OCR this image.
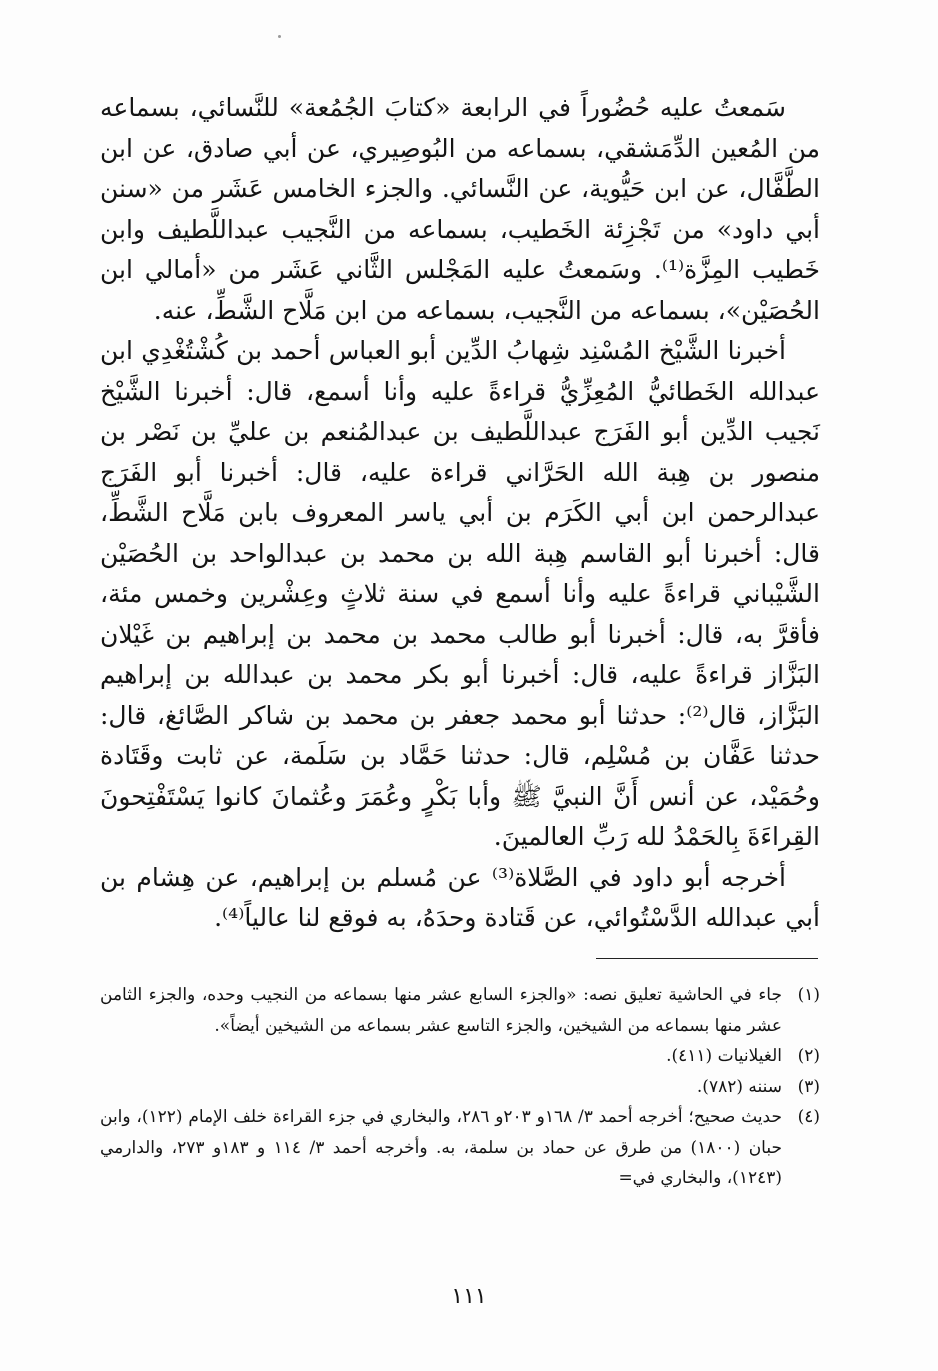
سَمعتُ عليه حُضُوراً في الرابعة «كتابَ الجُمُعة» للنَّسائي، بسماعه من المُعين الدِّمَشقي، بسماعه من البُوصِيري، عن أبي صادق، عن ابن الطَّفَّال، عن ابن حَيُّوية، عن النَّسائي. والجزء الخامس عَشَر من «سنن أبي داود» من تَجْزِئة الخَطيب، بسماعه من النَّجيب عبداللَّطيف وابن خَطيب المِزَّة⁽¹⁾. وسَمعتُ عليه المَجْلس الثَّاني عَشَر من «أمالي ابن الحُصَيْن»، بسماعه من النَّجيب، بسماعه من ابن مَلَّاح الشَّطِّ، عنه.

أخبرنا الشَّيْخ المُسْنِد شِهابُ الدِّين أبو العباس أحمد بن كُشْتُغْدِي ابن عبدالله الخَطائيُّ المُعِزِّيُّ قراءةً عليه وأنا أسمع، قال: أخبرنا الشَّيْخ نَجيب الدِّين أبو الفَرَج عبداللَّطيف بن عبدالمُنعم بن عليِّ بن نَصْر بن منصور بن هِبة الله الحَرَّاني قراءة عليه، قال: أخبرنا أبو الفَرَج عبدالرحمن ابن أبي الكَرَم بن أبي ياسر المعروف بابن مَلَّاح الشَّطِّ، قال: أخبرنا أبو القاسم هِبة الله بن محمد بن عبدالواحد بن الحُصَيْن الشَّيْباني قراءةً عليه وأنا أسمع في سنة ثلاثٍ وعِشْرين وخمس مئة، فأقرَّ به، قال: أخبرنا أبو طالب محمد بن محمد بن إبراهيم بن غَيْلان البَزَّاز قراءةً عليه، قال: أخبرنا أبو بكر محمد بن عبدالله بن إبراهيم البَزَّاز، قال⁽²⁾: حدثنا أبو محمد جعفر بن محمد بن شاكر الصَّائغ، قال: حدثنا عَفَّان بن مُسْلِم، قال: حدثنا حَمَّاد بن سَلَمة، عن ثابت وقَتَادة وحُمَيْد، عن أنس أَنَّ النبيَّ ﷺ وأبا بَكْرٍ وعُمَرَ وعُثمانَ كانوا يَسْتَفْتِحونَ القِراءَةَ بِالحَمْدُ لله رَبِّ العالمينَ.

أخرجه أبو داود في الصَّلاة⁽³⁾ عن مُسلم بن إبراهيم، عن هِشام بن أبي عبدالله الدَّسْتُوائي، عن قَتادة وحدَهُ، به فوقع لنا عالياً⁽⁴⁾.

(١)
جاء في الحاشية تعليق نصه: «والجزء السابع عشر منها بسماعه من النجيب وحده، والجزء الثامن عشر منها بسماعه من الشيخين، والجزء التاسع عشر بسماعه من الشيخين أيضاً».
(٢)
الغيلانيات (٤١١).
(٣)
سننه (٧٨٢).
(٤)
حديث صحيح؛ أخرجه أحمد ٣/ ١٦٨و ٢٠٣و ٢٨٦، والبخاري في جزء القراءة خلف الإمام (١٢٢)، وابن حبان (١٨٠٠) من طرق عن حماد بن سلمة، به. وأخرجه أحمد ٣/ ١١٤ و ١٨٣و ٢٧٣، والدارمي (١٢٤٣)، والبخاري في=
١١١
